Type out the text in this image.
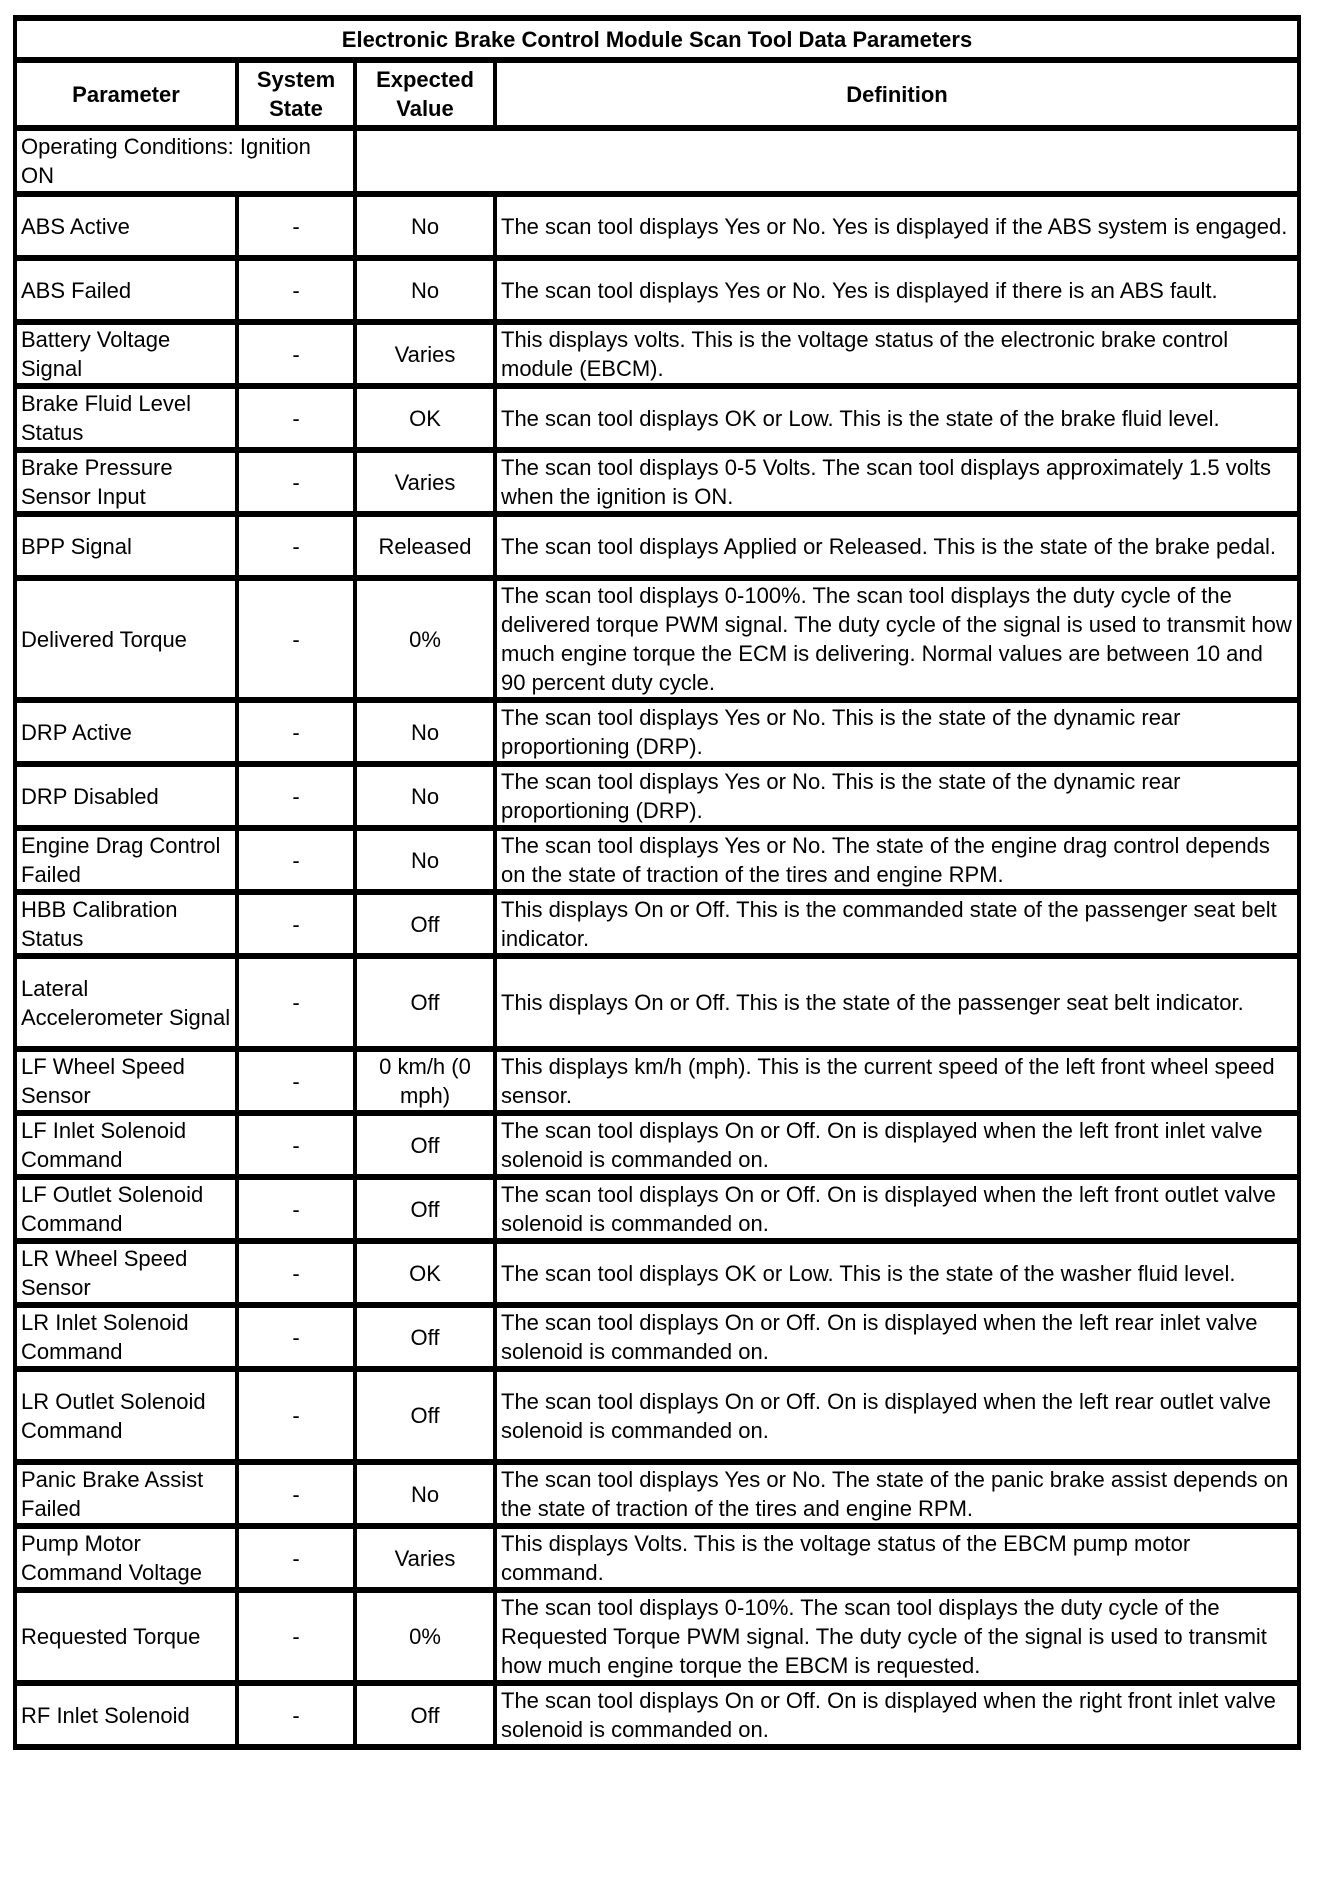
Electronic Brake Control Module Scan Tool Data Parameters			
Parameter	System State	Expected Value	Definition
Operating Conditions: Ignition ON			
ABS Active	-	No	The scan tool displays Yes or No. Yes is displayed if the ABS system is engaged.
ABS Failed	-	No	The scan tool displays Yes or No. Yes is displayed if there is an ABS fault.
Battery Voltage Signal	-	Varies	This displays volts. This is the voltage status of the electronic brake control module (EBCM).
Brake Fluid Level Status	-	OK	The scan tool displays OK or Low. This is the state of the brake fluid level.
Brake Pressure Sensor Input	-	Varies	The scan tool displays 0-5 Volts. The scan tool displays approximately 1.5 volts when the ignition is ON.
BPP Signal	-	Released	The scan tool displays Applied or Released. This is the state of the brake pedal.
Delivered Torque	-	0%	The scan tool displays 0-100%. The scan tool displays the duty cycle of the delivered torque PWM signal. The duty cycle of the signal is used to transmit how much engine torque the ECM is delivering. Normal values are between 10 and 90 percent duty cycle.
DRP Active	-	No	The scan tool displays Yes or No. This is the state of the dynamic rear proportioning (DRP).
DRP Disabled	-	No	The scan tool displays Yes or No. This is the state of the dynamic rear proportioning (DRP).
Engine Drag Control Failed	-	No	The scan tool displays Yes or No. The state of the engine drag control depends on the state of traction of the tires and engine RPM.
HBB Calibration Status	-	Off	This displays On or Off. This is the commanded state of the passenger seat belt indicator.
Lateral Accelerometer Signal	-	Off	This displays On or Off. This is the state of the passenger seat belt indicator.
LF Wheel Speed Sensor	-	0 km/h (0 mph)	This displays km/h (mph). This is the current speed of the left front wheel speed sensor.
LF Inlet Solenoid Command	-	Off	The scan tool displays On or Off. On is displayed when the left front inlet valve solenoid is commanded on.
LF Outlet Solenoid Command	-	Off	The scan tool displays On or Off. On is displayed when the left front outlet valve solenoid is commanded on.
LR Wheel Speed Sensor	-	OK	The scan tool displays OK or Low. This is the state of the washer fluid level.
LR Inlet Solenoid Command	-	Off	The scan tool displays On or Off. On is displayed when the left rear inlet valve solenoid is commanded on.
LR Outlet Solenoid Command	-	Off	The scan tool displays On or Off. On is displayed when the left rear outlet valve solenoid is commanded on.
Panic Brake Assist Failed	-	No	The scan tool displays Yes or No. The state of the panic brake assist depends on the state of traction of the tires and engine RPM.
Pump Motor Command Voltage	-	Varies	This displays Volts. This is the voltage status of the EBCM pump motor command.
Requested Torque	-	0%	The scan tool displays 0-10%. The scan tool displays the duty cycle of the Requested Torque PWM signal. The duty cycle of the signal is used to transmit how much engine torque the EBCM is requested.
RF Inlet Solenoid	-	Off	The scan tool displays On or Off. On is displayed when the right front inlet valve solenoid is commanded on.
